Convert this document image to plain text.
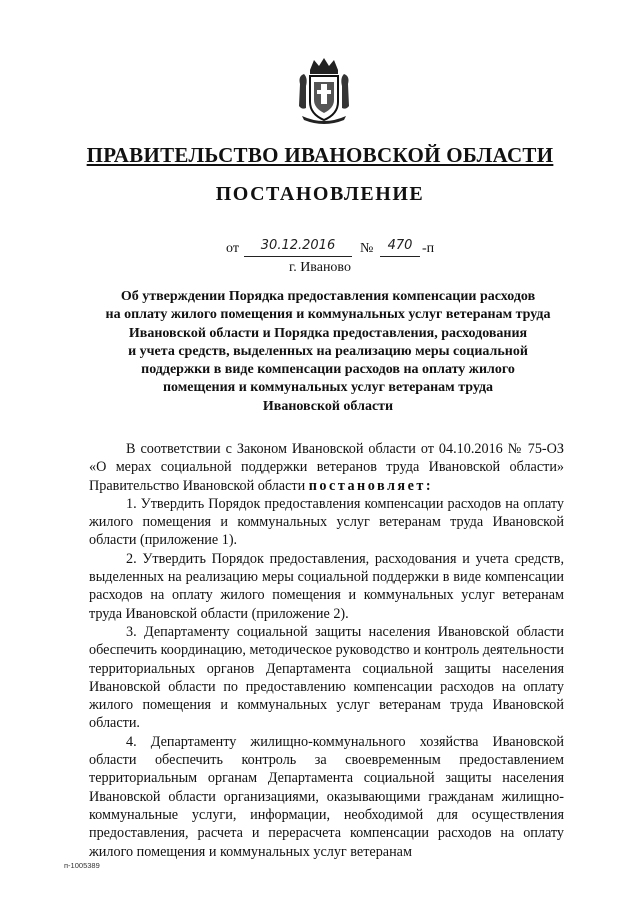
ПРАВИТЕЛЬСТВО ИВАНОВСКОЙ ОБЛАСТИ
ПОСТАНОВЛЕНИЕ
от	30.12.2016	№	470 -п
г. Иваново
Об утверждении Порядка предоставления компенсации расходов
на оплату жилого помещения и коммунальных услуг ветеранам труда
Ивановской области и Порядка предоставления, расходования
и учета средств, выделенных на реализацию меры социальной
поддержки в виде компенсации расходов на оплату жилого
помещения и коммунальных услуг ветеранам труда
Ивановской области

В соответствии с Законом Ивановской области от 04.10.2016 № 75-ОЗ «О мерах социальной поддержки ветеранов труда Ивановской области» Правительство Ивановской области постановляет:

1. Утвердить Порядок предоставления компенсации расходов на оплату жилого помещения и коммунальных услуг ветеранам труда Ивановской области (приложение 1).

2. Утвердить Порядок предоставления, расходования и учета средств, выделенных на реализацию меры социальной поддержки в виде компенсации расходов на оплату жилого помещения и коммунальных услуг ветеранам труда Ивановской области (приложение 2).

3. Департаменту социальной защиты населения Ивановской области обеспечить координацию, методическое руководство и контроль деятельности территориальных органов Департамента социальной защиты населения Ивановской области по предоставлению компенсации расходов на оплату жилого помещения и коммунальных услуг ветеранам труда Ивановской области.

4. Департаменту жилищно-коммунального хозяйства Ивановской области обеспечить контроль за своевременным предоставлением территориальным органам Департамента социальной защиты населения Ивановской области организациями, оказывающими гражданам жилищно-коммунальные услуги, информации, необходимой для осуществления предоставления, расчета и перерасчета компенсации расходов на оплату жилого помещения и коммунальных услуг ветеранам

п-1005389
